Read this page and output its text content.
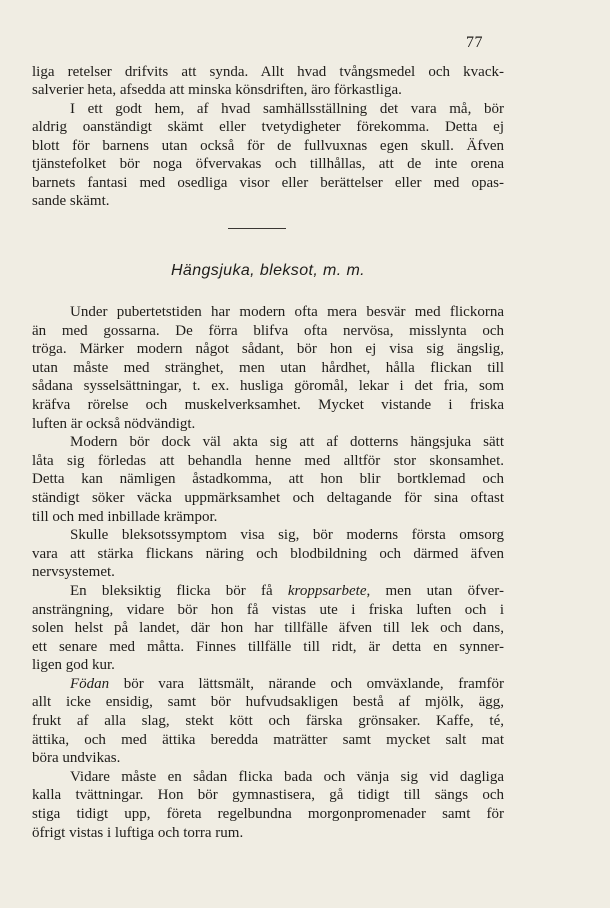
77
liga retelser drifvits att synda. Allt hvad tvångsmedel och kvack-
salverier heta, afsedda att minska könsdriften, äro förkastliga.
I ett godt hem, af hvad samhällsställning det vara må, bör
aldrig oanständigt skämt eller tvetydigheter förekomma. Detta ej
blott för barnens utan också för de fullvuxnas egen skull. Äfven
tjänstefolket bör noga öfvervakas och tillhållas, att de inte orena
barnets fantasi med osedliga visor eller berättelser eller med opas-
sande skämt.
Hängsjuka, bleksot, m. m.
Under pubertetstiden har modern ofta mera besvär med flickorna
än med gossarna. De förra blifva ofta nervösa, misslynta och
tröga. Märker modern något sådant, bör hon ej visa sig ängslig,
utan måste med stränghet, men utan hårdhet, hålla flickan till
sådana sysselsättningar, t. ex. husliga göromål, lekar i det fria, som
kräfva rörelse och muskelverksamhet. Mycket vistande i friska
luften är också nödvändigt.
Modern bör dock väl akta sig att af dotterns hängsjuka sätt
låta sig förledas att behandla henne med alltför stor skonsamhet.
Detta kan nämligen åstadkomma, att hon blir bortklemad och
ständigt söker väcka uppmärksamhet och deltagande för sina oftast
till och med inbillade krämpor.
Skulle bleksotssymptom visa sig, bör moderns första omsorg
vara att stärka flickans näring och blodbildning och därmed äfven
nervsystemet.
En bleksiktig flicka bör få kroppsarbete, men utan öfver-
ansträngning, vidare bör hon få vistas ute i friska luften och i
solen helst på landet, där hon har tillfälle äfven till lek och dans,
ett senare med måtta. Finnes tillfälle till ridt, är detta en synner-
ligen god kur.
Födan bör vara lättsmält, närande och omväxlande, framför
allt icke ensidig, samt bör hufvudsakligen bestå af mjölk, ägg,
frukt af alla slag, stekt kött och färska grönsaker. Kaffe, té,
ättika, och med ättika beredda maträtter samt mycket salt mat
böra undvikas.
Vidare måste en sådan flicka bada och vänja sig vid dagliga
kalla tvättningar. Hon bör gymnastisera, gå tidigt till sängs och
stiga tidigt upp, företa regelbundna morgonpromenader samt för
öfrigt vistas i luftiga och torra rum.
